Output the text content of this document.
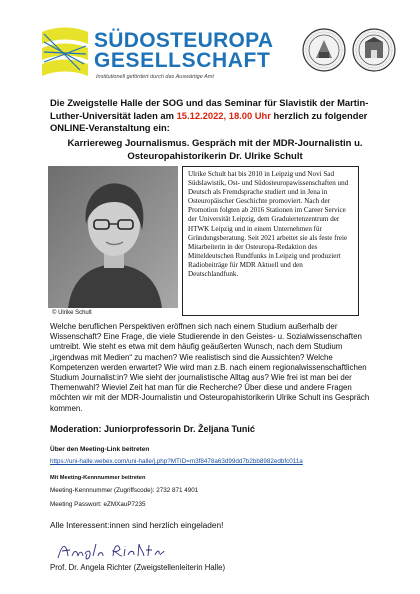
SÜDOSTEUROPA
GESELLSCHAFT
Institutionell gefördert durch das Auswärtige Amt
Die Zweigstelle Halle der SOG und das Seminar für Slavistik der Martin-Luther-Universität laden am 15.12.2022, 18.00 Uhr herzlich zu folgender ONLINE-Veranstaltung ein:
Karriereweg Journalismus. Gespräch mit der MDR-Journalistin u. Osteuropahistorikerin Dr. Ulrike Schult
© Ulrike Schult
Ulrike Schult hat bis 2010 in Leipzig und Novi Sad Südslawistik, Ost- und Südosteuropawissenschaften und Deutsch als Fremdsprache studiert und in Jena in Osteuropäischer Geschichte promoviert. Nach der Promotion folgten ab 2016 Stationen im Career Service der Universität Leipzig, dem Graduiertenzentrum der HTWK Leipzig und in einem Unternehmen für Gründungsberatung. Seit 2021 arbeitet sie als feste freie Mitarbeiterin in der Osteuropa-Redaktion des Mitteldeutschen Rundfunks in Leipzig und produziert Radiobeiträge für MDR Aktuell und den Deutschlandfunk.
Welche beruflichen Perspektiven eröffnen sich nach einem Studium außerhalb der Wissenschaft? Eine Frage, die viele Studierende in den Geistes- u. Sozialwissenschaften umtreibt. Wie steht es etwa mit dem häufig geäußerten Wunsch, nach dem Studium „irgendwas mit Medien“ zu machen? Wie realistisch sind die Aussichten? Welche Kompetenzen werden erwartet? Wie wird man z.B. nach einem regionalwissenschaftlichen Studium Journalist:in? Wie sieht der journalistische Alltag aus? Wie frei ist man bei der Themenwahl? Wieviel Zeit hat man für die Recherche? Über diese und andere Fragen möchten wir mit der MDR-Journalistin und Osteuropahistorikerin Ulrike Schult ins Gespräch kommen.
Moderation: Juniorprofessorin Dr. Željana Tunić
Über den Meeting-Link beitreten
https://uni-halle.webex.com/uni-halle/j.php?MTID=m3f8478a63d99dd7b2bb8982edbfc011a
Mit Meeting-Kennnummer beitreten
Meeting-Kennnummer (Zugriffscode): 2732 871 4901
Meeting Passwort: eZMXauP7235
Alle Interessent:innen sind herzlich eingeladen!
Prof. Dr. Angela Richter (Zweigstellenleiterin Halle)
